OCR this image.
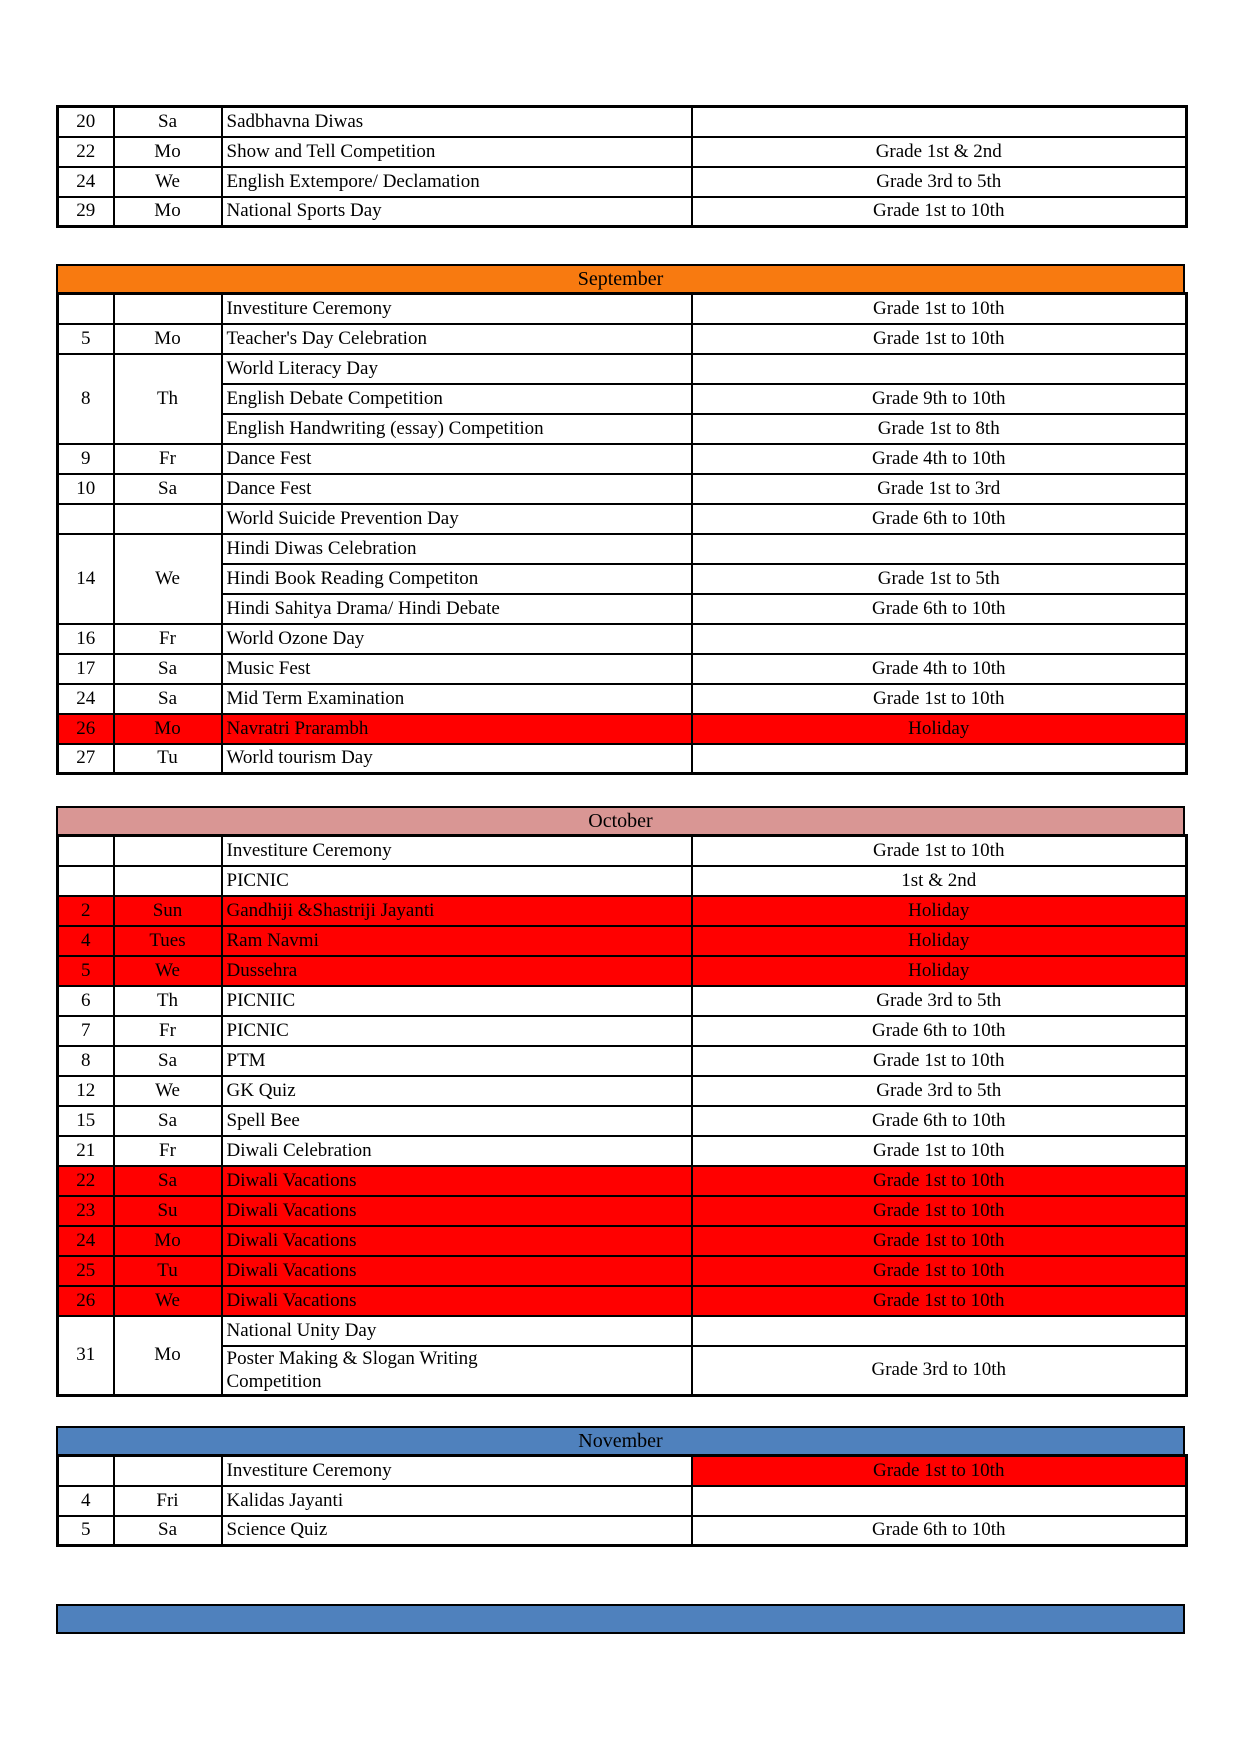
20	Sa	Sadbhavna Diwas	
22	Mo	Show and Tell Competition	Grade 1st & 2nd
24	We	English Extempore/ Declamation	Grade 3rd to 5th
29	Mo	National Sports Day	Grade 1st to 10th
September
		Investiture Ceremony	Grade 1st to 10th
5	Mo	Teacher's Day Celebration	Grade 1st to 10th
8	Th	World Literacy Day	
		English Debate Competition	Grade 9th to 10th
		English Handwriting (essay) Competition	Grade 1st to 8th
9	Fr	Dance Fest	Grade 4th to 10th
10	Sa	Dance Fest	Grade 1st to 3rd
		World Suicide Prevention Day	Grade 6th to 10th
14	We	Hindi Diwas Celebration	
		Hindi Book Reading Competiton	Grade 1st to 5th
		Hindi Sahitya Drama/ Hindi Debate	Grade 6th to 10th
16	Fr	World Ozone Day	
17	Sa	Music Fest	Grade 4th to 10th
24	Sa	Mid Term Examination	Grade 1st to 10th
26	Mo	Navratri Prarambh	Holiday
27	Tu	World tourism Day	
October
		Investiture Ceremony	Grade 1st to 10th
		PICNIC	1st & 2nd
2	Sun	Gandhiji &Shastriji Jayanti	Holiday
4	Tues	Ram Navmi	Holiday
5	We	Dussehra	Holiday
6	Th	PICNIIC	Grade 3rd to 5th
7	Fr	PICNIC	Grade 6th to 10th
8	Sa	PTM	Grade 1st to 10th
12	We	GK Quiz	Grade 3rd to 5th
15	Sa	Spell Bee	Grade 6th to 10th
21	Fr	Diwali Celebration	Grade 1st to 10th
22	Sa	Diwali Vacations	Grade 1st to 10th
23	Su	Diwali Vacations	Grade 1st to 10th
24	Mo	Diwali Vacations	Grade 1st to 10th
25	Tu	Diwali Vacations	Grade 1st to 10th
26	We	Diwali Vacations	Grade 1st to 10th
31	Mo	National Unity Day	

		Poster Making & Slogan Writing Competition	Grade 3rd to 10th
November
		Investiture Ceremony	Grade 1st to 10th
4	Fri	Kalidas Jayanti	
5	Sa	Science Quiz	Grade 6th to 10th
